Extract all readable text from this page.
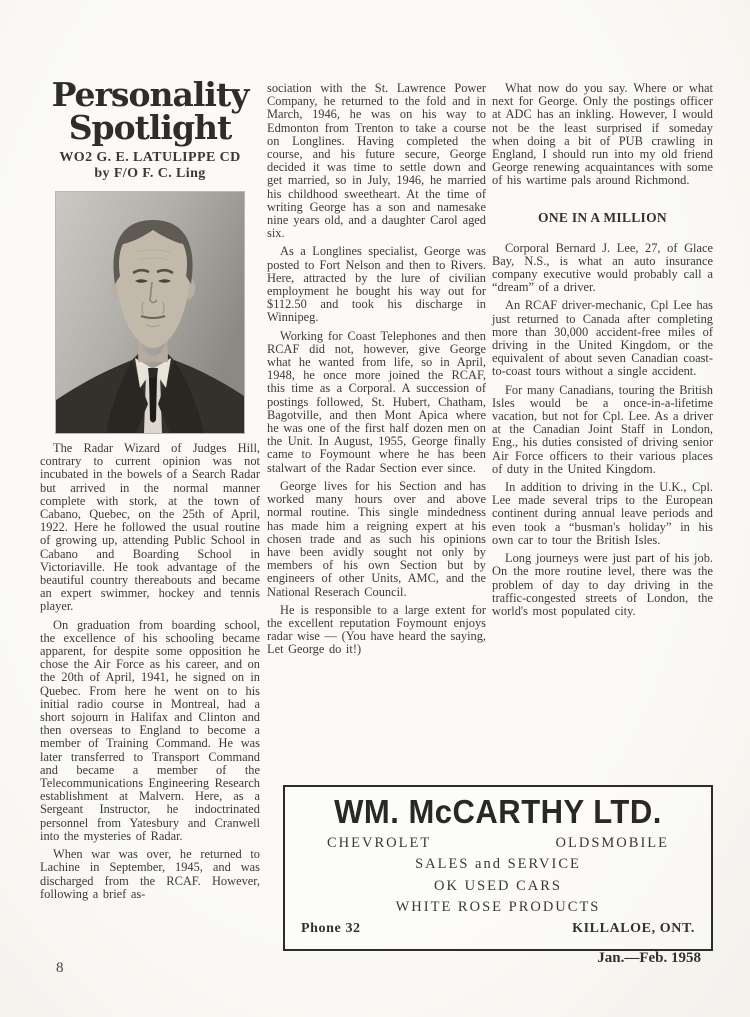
Personality
Spotlight
WO2 G. E. LATULIPPE CD
by F/O F. C. Ling

The Radar Wizard of Judges Hill, contrary to current opinion was not incubated in the bowels of a Search Radar but arrived in the normal manner complete with stork, at the town of Cabano, Quebec, on the 25th of April, 1922. Here he followed the usual routine of growing up, attending Public School in Cabano and Boarding School in Victoriaville. He took advantage of the beautiful country thereabouts and became an expert swimmer, hockey and tennis player.

On graduation from boarding school, the excellence of his schooling became apparent, for despite some opposition he chose the Air Force as his career, and on the 20th of April, 1941, he signed on in Quebec. From here he went on to his initial radio course in Montreal, had a short sojourn in Halifax and Clinton and then overseas to England to become a member of Training Command. He was later transferred to Transport Command and became a member of the Telecommunications Engineering Research establishment at Malvern. Here, as a Sergeant Instructor, he indoctrinated personnel from Yatesbury and Cranwell into the mysteries of Radar.

When war was over, he returned to Lachine in September, 1945, and was discharged from the RCAF. However, following a brief as-

sociation with the St. Lawrence Power Company, he returned to the fold and in March, 1946, he was on his way to Edmonton from Trenton to take a course on Longlines. Having completed the course, and his future secure, George decided it was time to settle down and get married, so in July, 1946, he married his childhood sweetheart. At the time of writing George has a son and namesake nine years old, and a daughter Carol aged six.

As a Longlines specialist, George was posted to Fort Nelson and then to Rivers. Here, attracted by the lure of civilian employment he bought his way out for $112.50 and took his discharge in Winnipeg.

Working for Coast Telephones and then RCAF did not, however, give George what he wanted from life, so in April, 1948, he once more joined the RCAF, this time as a Corporal. A succession of postings followed, St. Hubert, Chatham, Bagotville, and then Mont Apica where he was one of the first half dozen men on the Unit. In August, 1955, George finally came to Foymount where he has been stalwart of the Radar Section ever since.

George lives for his Section and has worked many hours over and above normal routine. This single mindedness has made him a reigning expert at his chosen trade and as such his opinions have been avidly sought not only by members of his own Section but by engineers of other Units, AMC, and the National Reserach Council.

He is responsible to a large extent for the excellent reputation Foymount enjoys radar wise — (You have heard the saying, Let George do it!)

What now do you say. Where or what next for George. Only the postings officer at ADC has an inkling. However, I would not be the least surprised if someday when doing a bit of PUB crawling in England, I should run into my old friend George renewing acquaintances with some of his wartime pals around Richmond.

ONE IN A MILLION

Corporal Bernard J. Lee, 27, of Glace Bay, N.S., is what an auto insurance company executive would probably call a “dream” of a driver.

An RCAF driver-mechanic, Cpl Lee has just returned to Canada after completing more than 30,000 accident-free miles of driving in the United Kingdom, or the equivalent of about seven Canadian coast-to-coast tours without a single accident.

For many Canadians, touring the British Isles would be a once-in-a-lifetime vacation, but not for Cpl. Lee. As a driver at the Canadian Joint Staff in London, Eng., his duties consisted of driving senior Air Force officers to their various places of duty in the United Kingdom.

In addition to driving in the U.K., Cpl. Lee made several trips to the European continent during annual leave periods and even took a “busman's holiday” in his own car to tour the British Isles.

Long journeys were just part of his job. On the more routine level, there was the problem of day to day driving in the traffic-congested streets of London, the world's most populated city.

WM. McCARTHY LTD.
CHEVROLET	OLDSMOBILE
SALES and SERVICE
OK USED CARS
WHITE ROSE PRODUCTS
Phone 32	KILLALOE, ONT.
8
Jan.—Feb. 1958
